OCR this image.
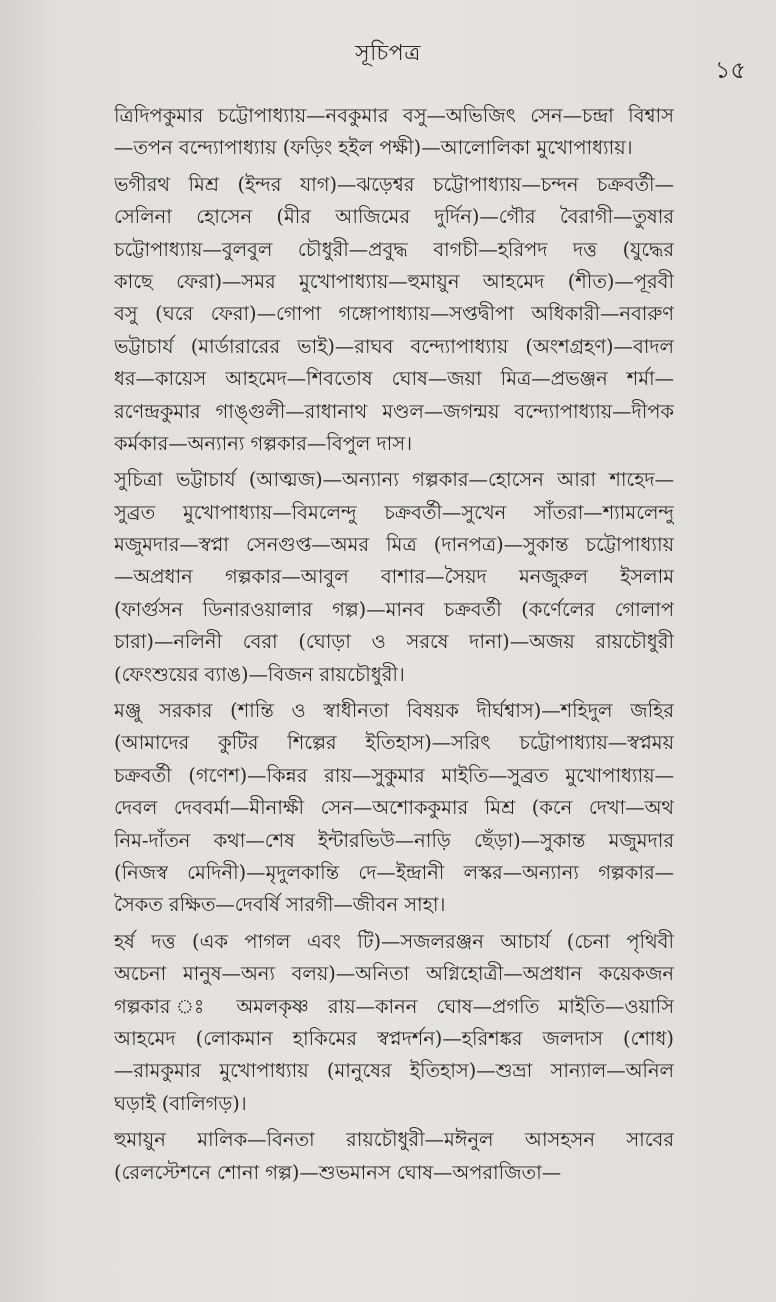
সূচিপত্র
১৫
ত্রিদিপকুমার চট্টোপাধ্যায়—নবকুমার বসু—অভিজিৎ সেন—চন্দ্রা বিশ্বাস
—তপন বন্দ্যোপাধ্যায় (ফড়িং হইল পক্ষী)—আলোলিকা মুখোপাধ্যায়।
ভগীরথ মিশ্র (ইন্দর যাগ)—ঝড়েশ্বর চট্টোপাধ্যায়—চন্দন চক্রবর্তী—
সেলিনা হোসেন (মীর আজিমের দুর্দিন)—গৌর বৈরাগী—তুষার
চট্টোপাধ্যায়—বুলবুল চৌধুরী—প্রবুদ্ধ বাগচী—হরিপদ দত্ত (যুদ্ধের
কাছে ফেরা)—সমর মুখোপাধ্যায়—হুমায়ুন আহমেদ (শীত)—পূরবী
বসু (ঘরে ফেরা)—গোপা গঙ্গোপাধ্যায়—সপ্তদ্বীপা অধিকারী—নবারুণ
ভট্টাচার্য (মার্ডারারের ভাই)—রাঘব বন্দ্যোপাধ্যায় (অংশগ্রহণ)—বাদল
ধর—কায়েস আহমেদ—শিবতোষ ঘোষ—জয়া মিত্র—প্রভঞ্জন শর্মা—
রণেন্দ্রকুমার গাঙ্গুলী—রাধানাথ মণ্ডল—জগন্ময় বন্দ্যোপাধ্যায়—দীপক
কর্মকার—অন্যান্য গল্পকার—বিপুল দাস।
সুচিত্রা ভট্টাচার্য (আত্মজ)—অন্যান্য গল্পকার—হোসেন আরা শাহেদ—
সুব্রত মুখোপাধ্যায়—বিমলেন্দু চক্রবর্তী—সুখেন সাঁতরা—শ্যামলেন্দু
মজুমদার—স্বপ্না সেনগুপ্ত—অমর মিত্র (দানপত্র)—সুকান্ত চট্টোপাধ্যায়
—অপ্রধান গল্পকার—আবুল বাশার—সৈয়দ মনজুরুল ইসলাম
(ফার্গুসন ডিনারওয়ালার গল্প)—মানব চক্রবর্তী (কর্ণেলের গোলাপ
চারা)—নলিনী বেরা (ঘোড়া ও সরষে দানা)—অজয় রায়চৌধুরী
(ফেংশুয়ের ব্যাঙ)—বিজন রায়চৌধুরী।
মঞ্জু সরকার (শান্তি ও স্বাধীনতা বিষয়ক দীর্ঘশ্বাস)—শহিদুল জহির
(আমাদের কুটির শিল্পের ইতিহাস)—সরিৎ চট্টোপাধ্যায়—স্বপ্নময়
চক্রবর্তী (গণেশ)—কিন্নর রায়—সুকুমার মাইতি—সুব্রত মুখোপাধ্যায়—
দেবল দেববর্মা—মীনাক্ষী সেন—অশোককুমার মিশ্র (কনে দেখা—অথ
নিম-দাঁতন কথা—শেষ ইন্টারভিউ—নাড়ি ছেঁড়া)—সুকান্ত মজুমদার
(নিজস্ব মেদিনী)—মৃদুলকান্তি দে—ইন্দ্রানী লস্কর—অন্যান্য গল্পকার—
সৈকত রক্ষিত—দেবর্ষি সারগী—জীবন সাহা।
হর্ষ দত্ত (এক পাগল এবং টি)—সজলরঞ্জন আচার্য (চেনা পৃথিবী
অচেনা মানুষ—অন্য বলয়)—অনিতা অগ্নিহোত্রী—অপ্রধান কয়েকজন
গল্পকার ঃ অমলকৃষ্ণ রায়—কানন ঘোষ—প্রগতি মাইতি—ওয়াসি
আহমেদ (লোকমান হাকিমের স্বপ্নদর্শন)—হরিশঙ্কর জলদাস (শোধ)
—রামকুমার মুখোপাধ্যায় (মানুষের ইতিহাস)—শুভ্রা সান্যাল—অনিল
ঘড়াই (বালিগড়)।
হুমায়ুন মালিক—বিনতা রায়চৌধুরী—মঈনুল আসহসন সাবের
(রেলস্টেশনে শোনা গল্প)—শুভমানস ঘোষ—অপরাজিতা—
